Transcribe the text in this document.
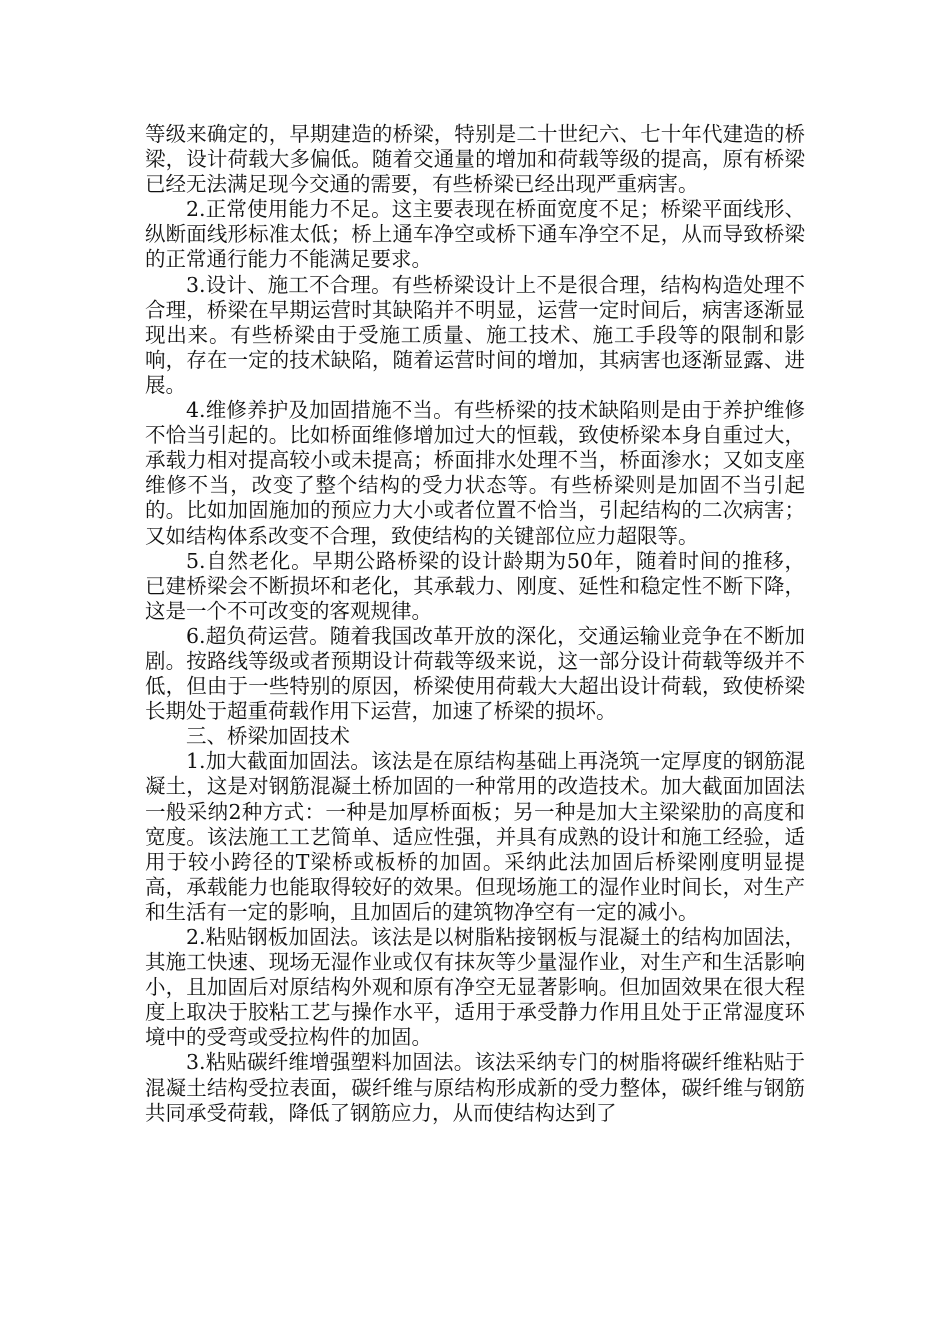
等级来确定的，早期建造的桥梁，特别是二十世纪六、七十年代建造的桥梁，设计荷载大多偏低。随着交通量的增加和荷载等级的提高，原有桥梁已经无法满足现今交通的需要，有些桥梁已经出现严重病害。

2.正常使用能力不足。这主要表现在桥面宽度不足；桥梁平面线形、纵断面线形标准太低；桥上通车净空或桥下通车净空不足，从而导致桥梁的正常通行能力不能满足要求。

3.设计、施工不合理。有些桥梁设计上不是很合理，结构构造处理不合理，桥梁在早期运营时其缺陷并不明显，运营一定时间后，病害逐渐显现出来。有些桥梁由于受施工质量、施工技术、施工手段等的限制和影响，存在一定的技术缺陷，随着运营时间的增加，其病害也逐渐显露、进展。

4.维修养护及加固措施不当。有些桥梁的技术缺陷则是由于养护维修不恰当引起的。比如桥面维修增加过大的恒载，致使桥梁本身自重过大，承载力相对提高较小或未提高；桥面排水处理不当，桥面渗水；又如支座维修不当，改变了整个结构的受力状态等。有些桥梁则是加固不当引起的。比如加固施加的预应力大小或者位置不恰当，引起结构的二次病害；又如结构体系改变不合理，致使结构的关键部位应力超限等。

5.自然老化。早期公路桥梁的设计龄期为50年，随着时间的推移，已建桥梁会不断损坏和老化，其承载力、刚度、延性和稳定性不断下降，这是一个不可改变的客观规律。

6.超负荷运营。随着我国改革开放的深化，交通运输业竞争在不断加剧。按路线等级或者预期设计荷载等级来说，这一部分设计荷载等级并不低，但由于一些特别的原因，桥梁使用荷载大大超出设计荷载，致使桥梁长期处于超重荷载作用下运营，加速了桥梁的损坏。

三、桥梁加固技术

1.加大截面加固法。该法是在原结构基础上再浇筑一定厚度的钢筋混凝土，这是对钢筋混凝土桥加固的一种常用的改造技术。加大截面加固法一般采纳2种方式：一种是加厚桥面板；另一种是加大主梁梁肋的高度和宽度。该法施工工艺简单、适应性强，并具有成熟的设计和施工经验，适用于较小跨径的T梁桥或板桥的加固。采纳此法加固后桥梁刚度明显提高，承载能力也能取得较好的效果。但现场施工的湿作业时间长，对生产和生活有一定的影响，且加固后的建筑物净空有一定的减小。

2.粘贴钢板加固法。该法是以树脂粘接钢板与混凝土的结构加固法，其施工快速、现场无湿作业或仅有抹灰等少量湿作业，对生产和生活影响小，且加固后对原结构外观和原有净空无显著影响。但加固效果在很大程度上取决于胶粘工艺与操作水平，适用于承受静力作用且处于正常湿度环境中的受弯或受拉构件的加固。

3.粘贴碳纤维增强塑料加固法。该法采纳专门的树脂将碳纤维粘贴于混凝土结构受拉表面，碳纤维与原结构形成新的受力整体，碳纤维与钢筋共同承受荷载，降低了钢筋应力，从而使结构达到了
